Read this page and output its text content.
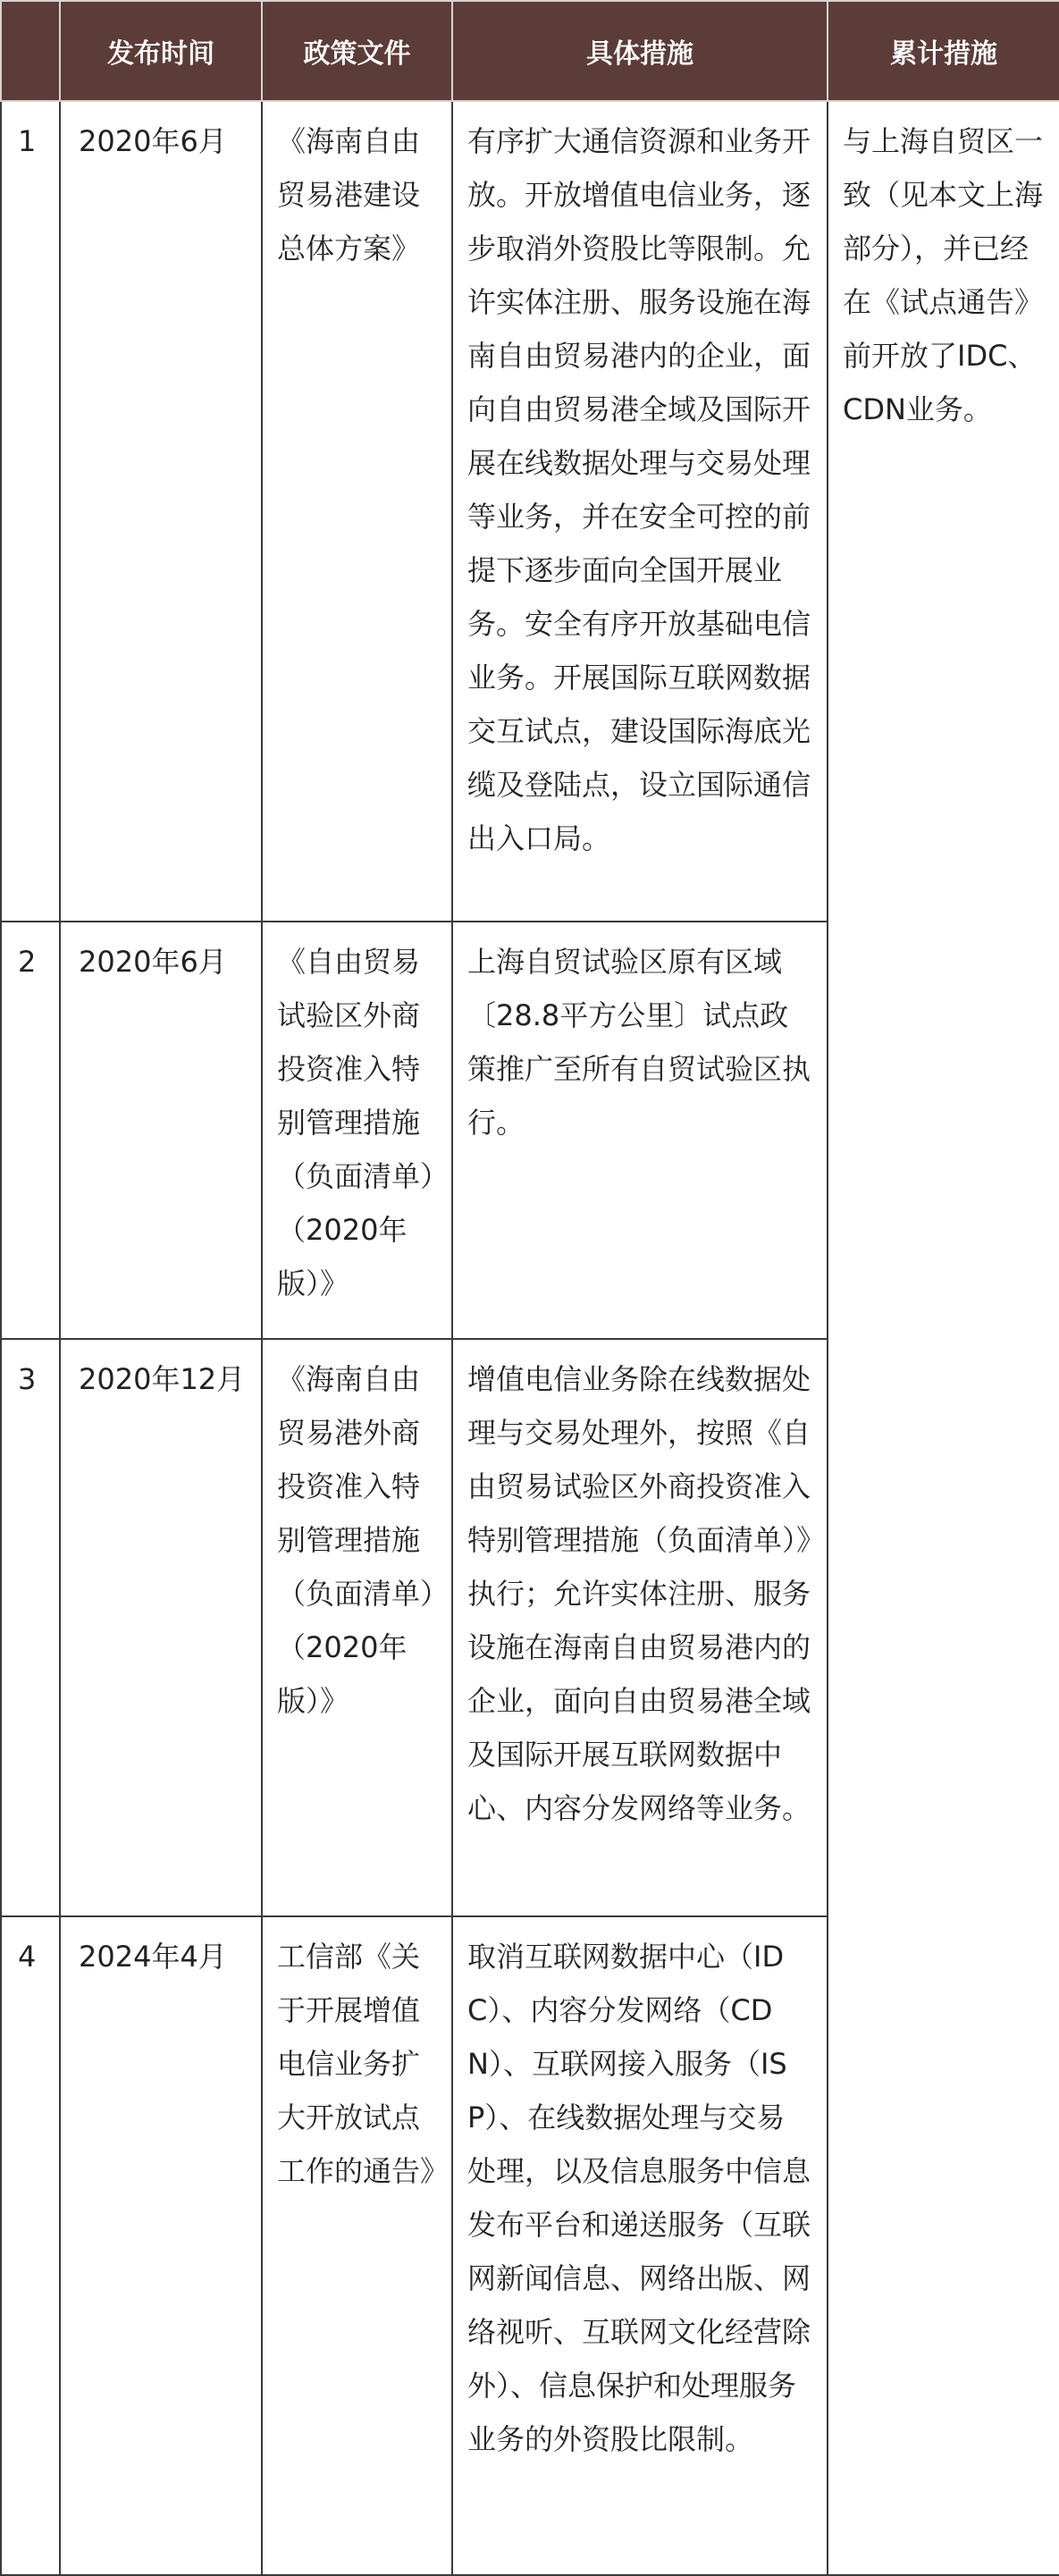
	发布时间	政策文件	具体措施	累计措施
1	2020年6月	《海南自由贸易港建设总体方案》	有序扩大通信资源和业务开放。开放增值电信业务，逐步取消外资股比等限制。允许实体注册、服务设施在海南自由贸易港内的企业，面向自由贸易港全域及国际开展在线数据处理与交易处理等业务，并在安全可控的前提下逐步面向全国开展业务。安全有序开放基础电信业务。开展国际互联网数据交互试点，建设国际海底光缆及登陆点，设立国际通信出入口局。	与上海自贸区一致（见本文上海部分），并已经在《试点通告》前开放了IDC、CDN业务。
2	2020年6月	《自由贸易试验区外商投资准入特别管理措施（负面清单）（2020年版）》	上海自贸试验区原有区域〔28.8平方公里〕试点政策推广至所有自贸试验区执行。	
3	2020年12月	《海南自由贸易港外商投资准入特别管理措施（负面清单）（2020年版）》	增值电信业务除在线数据处理与交易处理外，按照《自由贸易试验区外商投资准入特别管理措施（负面清单）》执行；允许实体注册、服务设施在海南自由贸易港内的企业，面向自由贸易港全域及国际开展互联网数据中心、内容分发网络等业务。	
4	2024年4月	工信部《关于开展增值电信业务扩大开放试点工作的通告》	取消互联网数据中心（IDC）、内容分发网络（CDN）、互联网接入服务（ISP）、在线数据处理与交易处理，以及信息服务中信息发布平台和递送服务（互联网新闻信息、网络出版、网络视听、互联网文化经营除外）、信息保护和处理服务业务的外资股比限制。	
